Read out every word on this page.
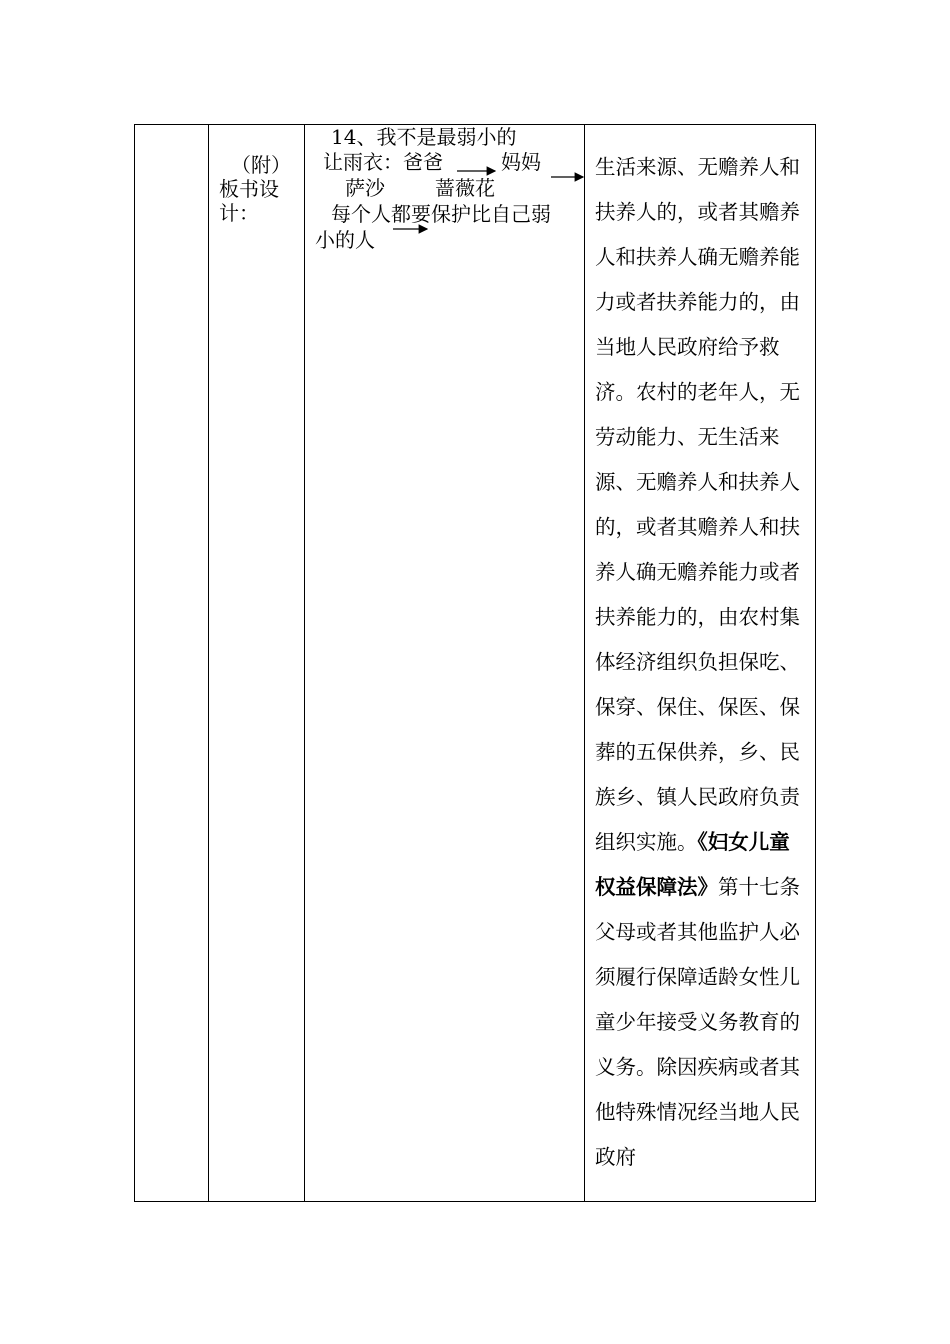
（附）
板书设
计：
14、我不是最弱小的
让雨衣：爸爸	妈妈
萨沙	蔷薇花
每个人都要保护比自己弱
小的人
生活来源、无赡养人和扶养人的，或者其赡养人和扶养人确无赡养能力或者扶养能力的，由当地人民政府给予救济。农村的老年人，无劳动能力、无生活来源、无赡养人和扶养人的，或者其赡养人和扶养人确无赡养能力或者扶养能力的，由农村集体经济组织负担保吃、保穿、保住、保医、保葬的五保供养，乡、民族乡、镇人民政府负责组织实施。《妇女儿童权益保障法》第十七条 父母或者其他监护人必须履行保障适龄女性儿童少年接受义务教育的义务。除因疾病或者其他特殊情况经当地人民政府
